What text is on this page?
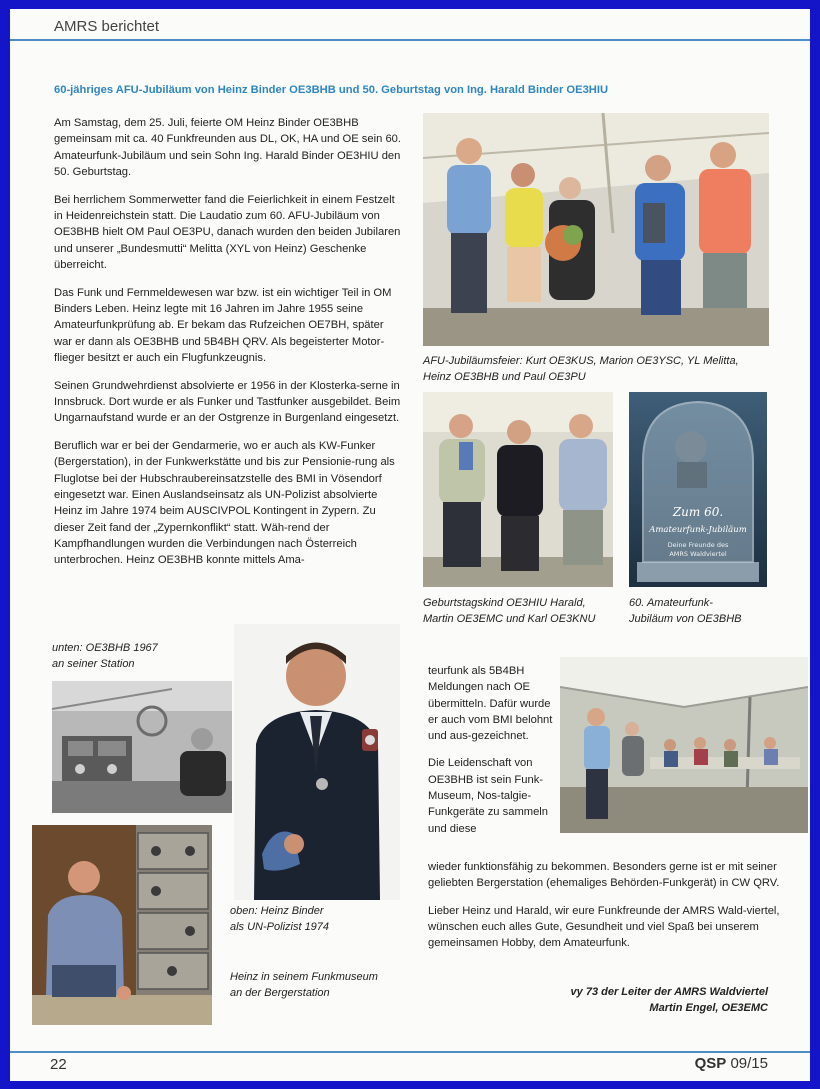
AMRS berichtet
60-jähriges AFU-Jubiläum von Heinz Binder OE3BHB und 50. Geburtstag von Ing. Harald Binder OE3HIU

Am Samstag, dem 25. Juli, feierte OM Heinz Binder OE3BHB gemeinsam mit ca. 40 Funkfreunden aus DL, OK, HA und OE sein 60. Amateurfunk-Jubiläum und sein Sohn Ing. Harald Binder OE3HIU den 50. Geburtstag.

Bei herrlichem Sommerwetter fand die Feierlichkeit in einem Festzelt in Heidenreichstein statt. Die Laudatio zum 60. AFU-Jubiläum von OE3BHB hielt OM Paul OE3PU, danach wurden den beiden Jubilaren und unserer „Bundesmutti“ Melitta (XYL von Heinz) Geschenke überreicht.

Das Funk und Fernmeldewesen war bzw. ist ein wichtiger Teil in OM Binders Leben. Heinz legte mit 16 Jahren im Jahre 1955 seine Amateurfunkprüfung ab. Er bekam das Rufzeichen OE7BH, später war er dann als OE3BHB und 5B4BH QRV. Als begeisterter Motor-flieger besitzt er auch ein Flugfunkzeugnis.

Seinen Grundwehrdienst absolvierte er 1956 in der Klosterka-serne in Innsbruck. Dort wurde er als Funker und Tastfunker ausgebildet. Beim Ungarnaufstand wurde er an der Ostgrenze in Burgenland eingesetzt.

Beruflich war er bei der Gendarmerie, wo er auch als KW-Funker (Bergerstation), in der Funkwerkstätte und bis zur Pensionie-rung als Fluglotse bei der Hubschraubereinsatzstelle des BMI in Vösendorf eingesetzt war. Einen Auslandseinsatz als UN-Polizist absolvierte Heinz im Jahre 1974 beim AUSCIVPOL Kontingent in Zypern. Zu dieser Zeit fand der „Zypernkonflikt“ statt. Wäh-rend der Kampfhandlungen wurden die Verbindungen nach Österreich unterbrochen. Heinz OE3BHB konnte mittels Ama-

AFU-Jubiläumsfeier: Kurt OE3KUS, Marion OE3YSC, YL Melitta,
Heinz OE3BHB und Paul OE3PU
Geburtstagskind OE3HIU Harald,
Martin OE3EMC und Karl OE3KNU
Zum 60.
Amateurfunk-Jubiläum
Deine Freunde des
AMRS Waldviertel
60. Amateurfunk-
Jubiläum von OE3BHB
unten: OE3BHB 1967
an seiner Station
oben: Heinz Binder
als UN-Polizist 1974
Heinz in seinem Funkmuseum
an der Bergerstation

teurfunk als 5B4BH Meldungen nach OE übermitteln. Dafür wurde er auch vom BMI belohnt und aus-gezeichnet.

Die Leidenschaft von OE3BHB ist sein Funk-Museum, Nos-talgie-Funkgeräte zu sammeln und diese

wieder funktionsfähig zu bekommen. Besonders gerne ist er mit seiner geliebten Bergerstation (ehemaliges Behörden-Funkgerät) in CW QRV.

Lieber Heinz und Harald, wir eure Funkfreunde der AMRS Wald-viertel, wünschen euch alles Gute, Gesundheit und viel Spaß bei unserem gemeinsamen Hobby, dem Amateurfunk.

vy 73 der Leiter der AMRS Waldviertel
Martin Engel, OE3EMC
22	QSP 09/15
